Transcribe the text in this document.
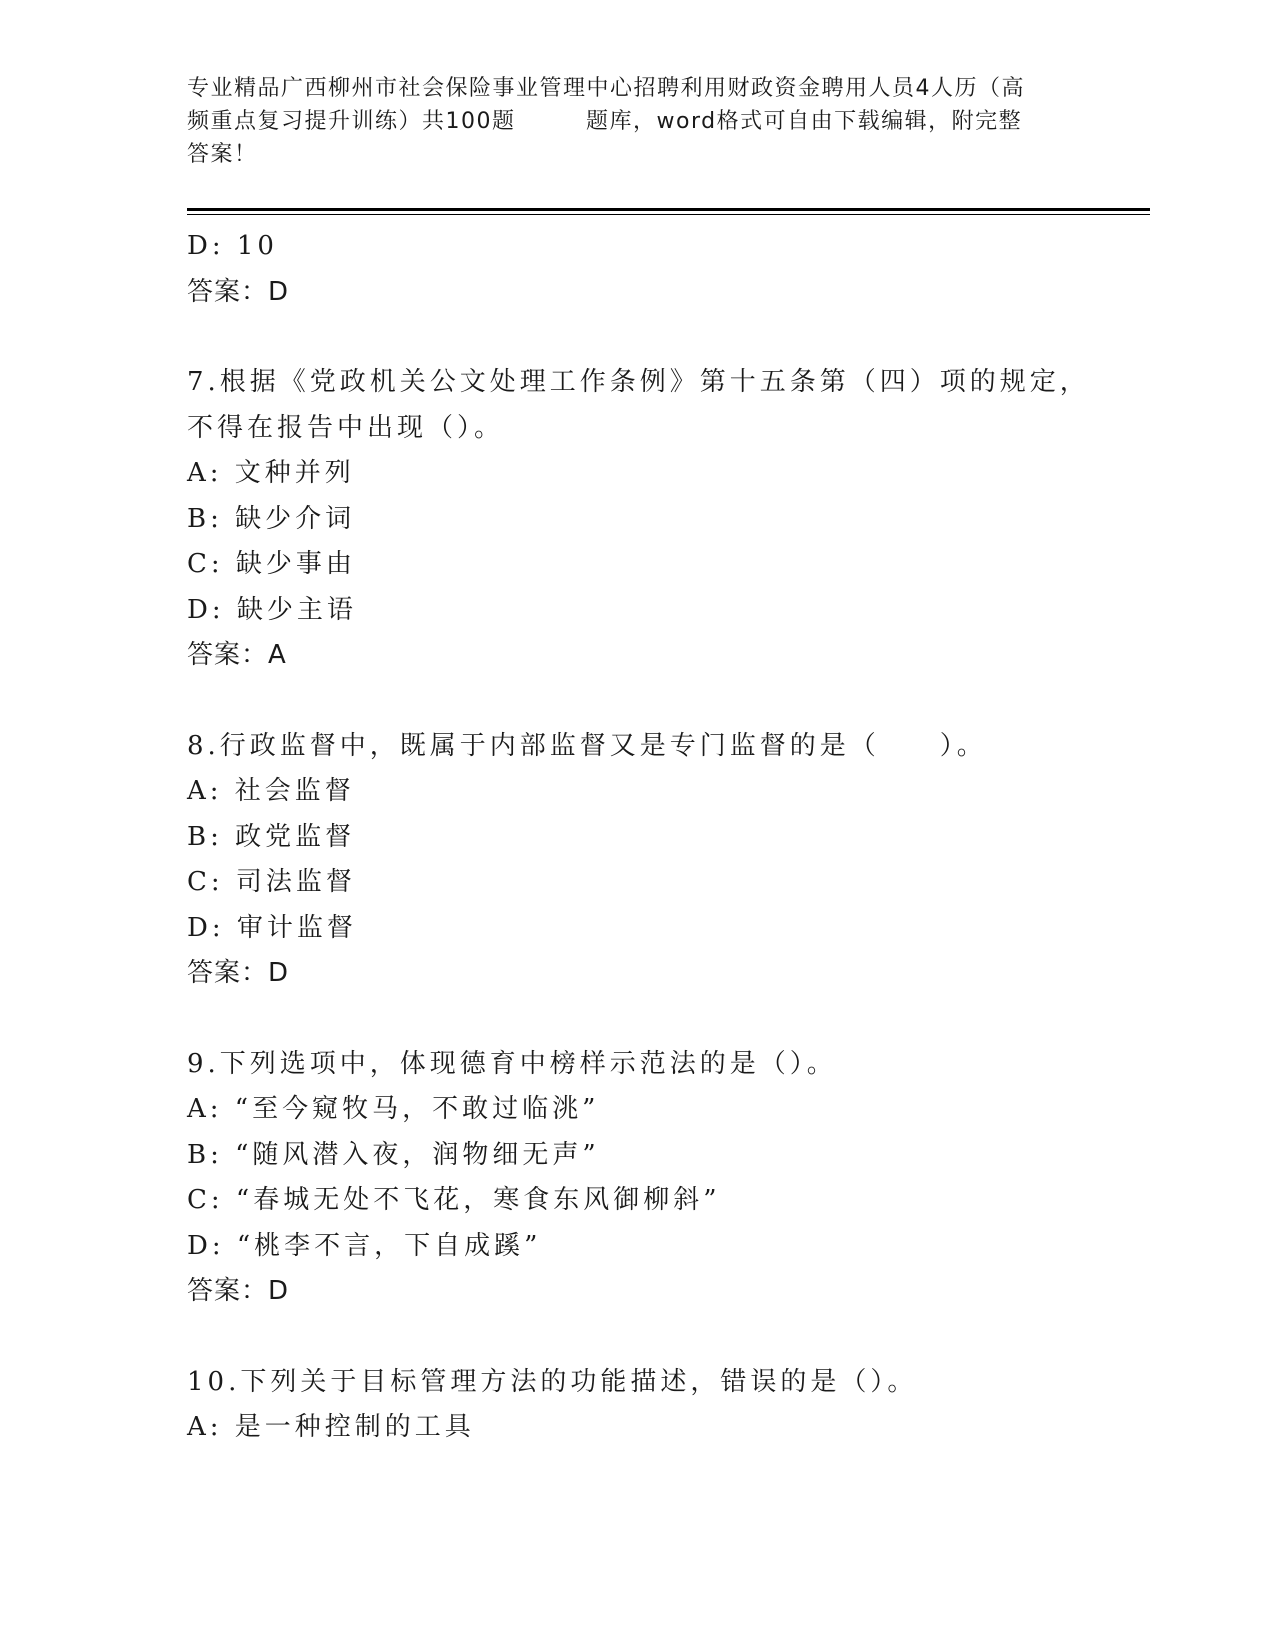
专业精品广西柳州市社会保险事业管理中心招聘利用财政资金聘用人员4人历（高
频重点复习提升训练）共100题　　　题库，word格式可自由下载编辑，附完整
答案！
D: 10
答案：D
7.根据《党政机关公文处理工作条例》第十五条第（四）项的规定，
不得在报告中出现（）。
A: 文种并列
B: 缺少介词
C: 缺少事由
D: 缺少主语
答案：A
8.行政监督中，既属于内部监督又是专门监督的是（　　）。
A: 社会监督
B: 政党监督
C: 司法监督
D: 审计监督
答案：D
9.下列选项中，体现德育中榜样示范法的是（）。
A: “至今窥牧马，不敢过临洮”
B: “随风潜入夜，润物细无声”
C: “春城无处不飞花，寒食东风御柳斜”
D: “桃李不言，下自成蹊”
答案：D
10.下列关于目标管理方法的功能描述，错误的是（）。
A: 是一种控制的工具
